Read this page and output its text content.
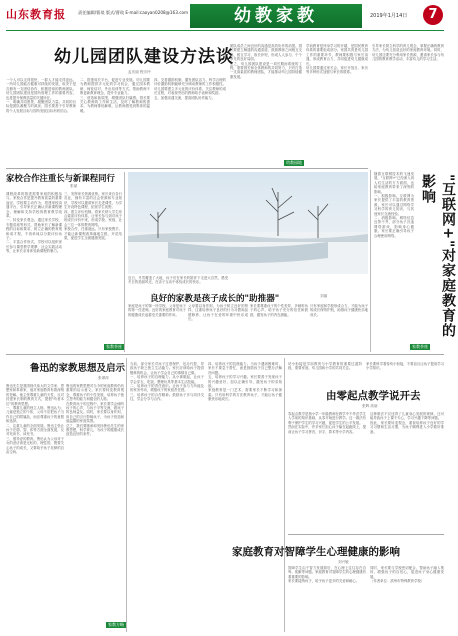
山东教育报	责任编辑/曹琰 版式/曹琰 E-mail:caoyan0208@163.com	幼教家教	2019年1月14日	7
幼儿园团队建设方法谈
孟庆丽 程宗玲

一个人可以走得很快，一群人才能走得更远。一所幼儿园能否健康可持续的发展，取决于是否拥有一支团结协作、积极进取的教师团队。幼儿园团队建设是园所管理工作的重要内容，也是提升保教质量的关键所在。

一、明确共同愿景，凝聚团队力量。共同的目标是团队凝聚力的源泉，园长要善于引导教师将个人发展目标与园所发展目标有机结合。

二、搭建成长平台，促进专业发展。幼儿园要为教师提供多元化的学习机会，通过园本教研、师徒结对、外出培训等方式，帮助教师不断更新教育理念，提升专业能力。

三、营造和谐氛围，增强团队归属感。园长要关心教师的工作和生活，及时了解教师的需求，为教师排忧解难，让教师感受到集体的温暖。

四、完善激励机制，激发团队活力。科学合理的评价激励机制能够充分调动教师的工作积极性。幼儿园要建立多元化的评价体系，关注教师的成长过程，对表现突出的教师给予表彰和奖励。

五、加强沟通交流，提高团队协作能力。

团队成员之间良好的沟通是高效协作的前提。园长要建立畅通的沟通渠道，鼓励教师之间相互交流、相互学习、取长补短，形成人人参与、个个争先的良好局面。

总之，幼儿园团队建设是一项长期而系统的工程，需要园长和全体教师的共同努力，只有打造一支高素质的教师团队，才能推动幼儿园持续健康发展。

幼教园地

学前教育是终身学习的开端，是国民教育体系的重要组成部分。家园共育是幼儿园工作的重要环节，教师要积极与家长沟通，形成教育合力，共同促进幼儿健康成长。

幼儿园要通过家长会、家长开放日、家访等多种形式加强与家长的联系。

引导家长树立科学的育儿观念，掌握正确的教育方法，为幼儿营造良好的家庭教育环境。同时，幼儿园还要充分利用家长资源，邀请家长参与幼儿园的教育教学活动，丰富幼儿的学习生活。

家校合作注重长与新课程同行
张斌

课程改革的推进需要家庭的积极参与。家校合作是提升教育质量的重要途径，学校要主动作为，搭建家校沟通平台，引导家长正确认识新课程理念，理解和支持学校的教育教学改革。

一、转变家长观念。通过家长学校、专题讲座等形式，帮助家长了解新课程的目标和要求，树立正确的教育观和成才观，不再单纯以分数评价孩子。

二、丰富合作形式。学校可以组织家长参与课堂教学观摩、社会实践活动等，让家长亲身体验新课程的魅力。

三、发挥家长资源优势。家长来自各行各业，拥有丰富的社会资源和专业知识，学校可以邀请家长走进课堂，为学生开设特色课程，拓宽学生视野。

四、建立评价机制。将家长纳入学生综合素质评价体系，让家长参与到对孩子的成长评价中来，形成学校、家庭、社会三位一体的教育网络。

家校合作，任重道远。只有家校携手，才能让新课程改革落地生根，开花结果，促进学生全面健康发展。

家教茶座

近日，冬雪覆盖了大地，孩子们在家长的陪伴下走进大自然，感受冬日的美丽风光，在亲子互动中体验成长的快乐。

良好的家教是孩子成长的"助推器"	刘丽

家庭是孩子的第一所学校，父母是孩子的第一任老师。良好的家庭教育对孩子的健康成长起着至关重要的作用。

父母要以身作则，为孩子树立良好的榜样，注重培养孩子良好的行为习惯和品德修养，让孩子在爱的环境中快乐成长。

家长要尊重孩子的个性差异，多倾听孩子的心声，给予孩子充分的信任和鼓励，激发孩子的内在潜能。

只有家庭和学校形成合力，才能为孩子的成长保驾护航，助推孩子健康快乐地成长。

随着互联网技术的飞速发展，"互联网+"已经深入到人们生活的方方面面，也给家庭教育带来了深刻的影响。

一、积极影响。互联网为家长提供了丰富的教育资源，家长可以通过网络学习科学的育儿知识，与其他家长交流经验。

二、消极影响。网络信息良莠不齐，部分孩子沉迷网络游戏，影响身心健康。家长要正确引导孩子合理使用网络。	"互联网+"对家庭教育的影响
家教茶座
鲁迅的家教思想及启示
张翠萍

鲁迅先生是我国现代伟大的文学家、思想家和革命家，他对家庭教育有着深刻的见解。他主张尊重儿童的天性，反对封建家长制的教育方式，提倡"幼者本位"的教育思想。

一、尊重儿童的独立人格。鲁迅认为，儿童是独立的个体，父母不应把孩子当作自己的附属品，而应尊重孩子的意愿和选择。

二、注重儿童的全面发展。鲁迅主张让孩子在德、智、体等方面全面发展，反对死读书、读死书。

三、倡导爱的教育。鲁迅认为父母对子女的爱应该是无私的、理性的，既要关心孩子的成长，又要给予孩子足够的自由空间。

鲁迅的家教思想对当今的家庭教育仍有重要的启示意义。家长要转变教育观念，尊重孩子的个性发展，培养孩子独立思考的能力和健全的人格。

在教育孩子的过程中，家长要学会倾听孩子的心声，与孩子平等交流，做孩子的良师益友。同时，家长要以身作则，用自己的言行影响孩子，为孩子营造和谐温馨的家庭氛围。

总之，我们要继承和发扬鲁迅先生的家教思想，科学育儿，为孩子的健康成长创造良好的条件。

家教方略

当前，部分家长对孩子过度保护，包办代替，导致孩子缺乏独立生活能力。家长应该给孩子提供锻炼的机会，让孩子学会自己的事情自己做。

一、培养孩子的自理能力。从小事做起，让孩子学会穿衣、吃饭、整理玩具等基本生活技能。

二、培养孩子的责任意识。让孩子参与力所能及的家务劳动，增强孩子的家庭责任感。

三、培养孩子的合作精神。鼓励孩子多与同伴交往，学会分享与合作。

四、培养孩子的抗挫能力。当孩子遇到困难时，家长不要急于帮忙，而是鼓励孩子自己想办法解决问题。

五、培养孩子的学习兴趣。家长要善于发现孩子的兴趣爱好，加以正确引导，激发孩子的求知欲。

家庭教育是一门艺术，需要家长不断学习和探索。只有用科学的方法教育孩子，才能让孩子健康快乐地成长。	由零起点教学说开去
张辉 高朋

幼小衔接是学前教育与小学教育的重要过渡阶段，需要家庭、幼儿园和小学的共同关注。

家长要科学看待幼小衔接，不要盲目让孩子提前学习小学知识。

零起点教学是指小学一年级教师在教学中不考虑学生入学前的知识基础，从零开始进行教学。这一做法有利于保护学生的学习兴趣，促进学生的公平发展。

然而在实际中，许多家长担心孩子输在起跑线上，提前让孩子学习拼音、识字、算术等小学内容。

这种做法不仅违背了儿童身心发展的规律，还可能导致孩子上课不专心、学习兴趣下降等问题。

因此，家长要转变观念，重视培养孩子良好的学习习惯和生活习惯，为孩子顺利进入小学做好准备。

家庭教育对智障学生心理健康的影响
刘兴敏

智障学生由于智力发展滞后，在心理上往往存在自卑、孤僻等问题。家庭教育对智障学生的心理健康有着重要的影响。

家长要接纳孩子，给予孩子更多的关爱和耐心。

同时，家长要与学校密切配合，帮助孩子融入集体，增强孩子的自信心，促进孩子身心健康发展。

（作者单位：滨州市特殊教育学校）
